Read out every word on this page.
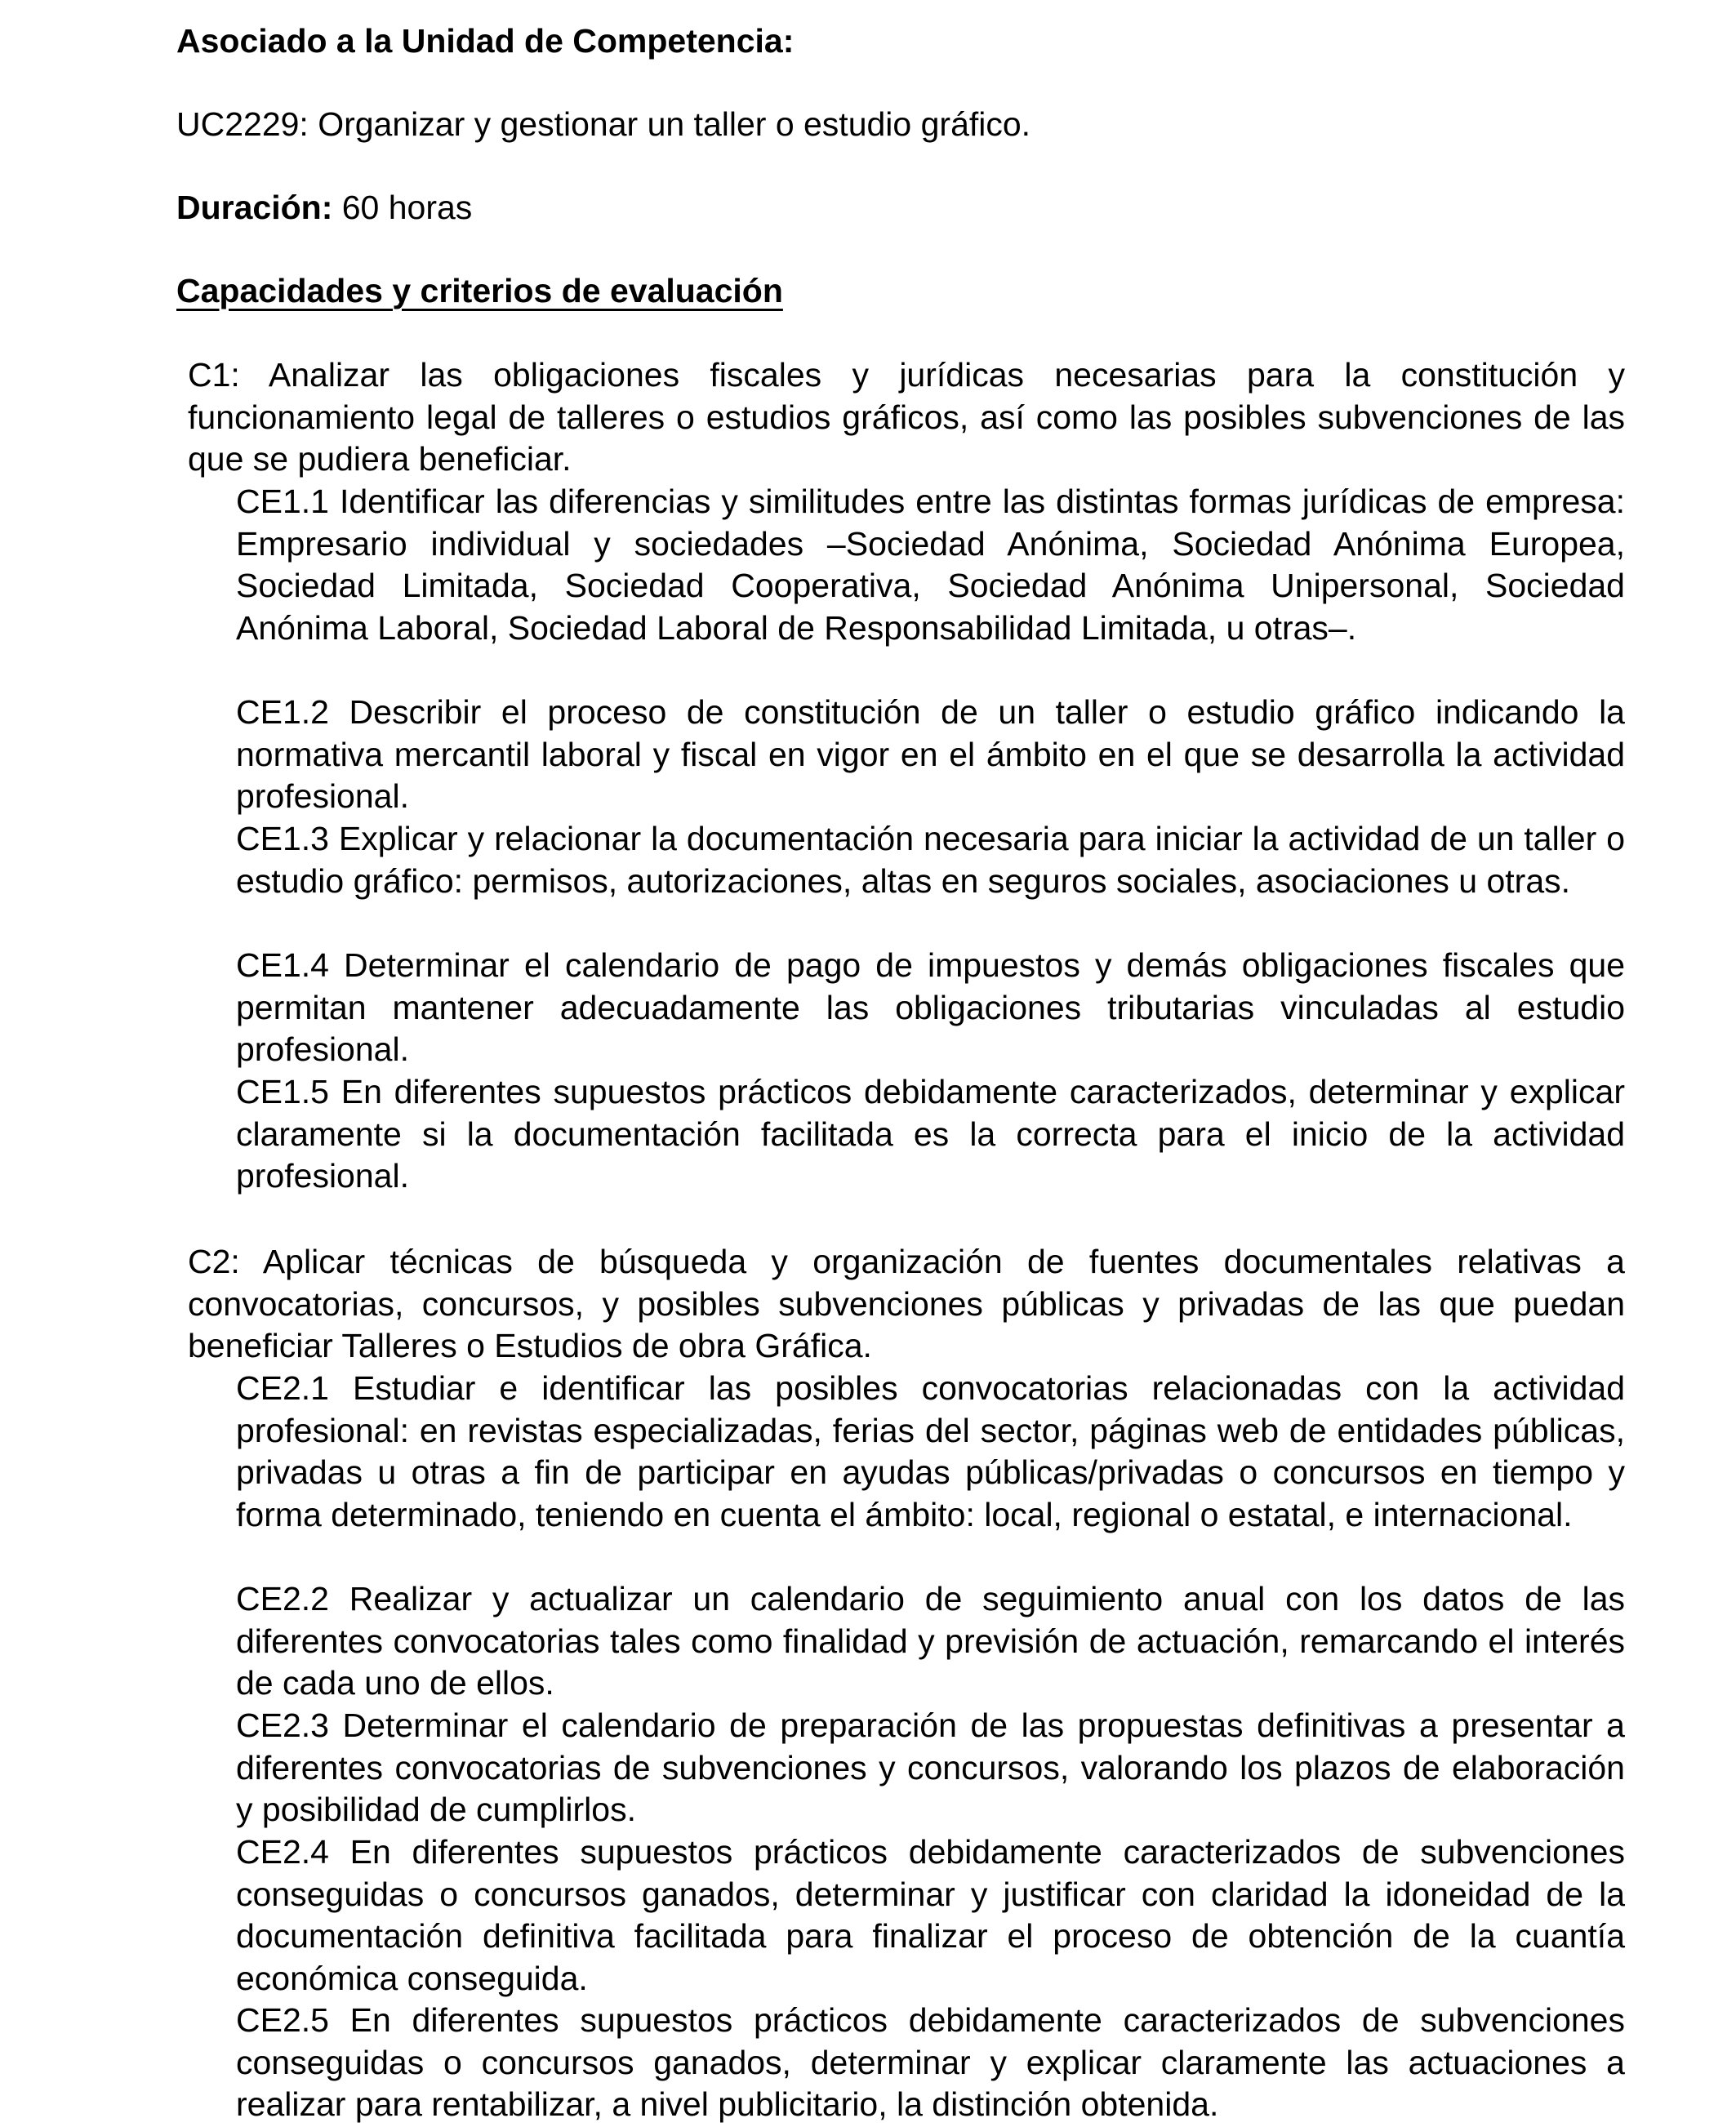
Asociado a la Unidad de Competencia:

UC2229: Organizar y gestionar un taller o estudio gráfico.

Duración: 60 horas

Capacidades y criterios de evaluación

C1: Analizar las obligaciones fiscales y jurídicas necesarias para la constitución y funcionamiento legal de talleres o estudios gráficos, así como las posibles subvenciones de las que se pudiera beneficiar.

CE1.1 Identificar las diferencias y similitudes entre las distintas formas jurídicas de empresa: Empresario individual y sociedades –Sociedad Anónima, Sociedad Anónima Europea, Sociedad Limitada, Sociedad Cooperativa, Sociedad Anónima Unipersonal, Sociedad Anónima Laboral, Sociedad Laboral de Responsabilidad Limitada, u otras–.

CE1.2 Describir el proceso de constitución de un taller o estudio gráfico indicando la normativa mercantil laboral y fiscal en vigor en el ámbito en el que se desarrolla la actividad profesional.

CE1.3 Explicar y relacionar la documentación necesaria para iniciar la actividad de un taller o estudio gráfico: permisos, autorizaciones, altas en seguros sociales, asociaciones u otras.

CE1.4 Determinar el calendario de pago de impuestos y demás obligaciones fiscales que permitan mantener adecuadamente las obligaciones tributarias vinculadas al estudio profesional.

CE1.5 En diferentes supuestos prácticos debidamente caracterizados, determinar y explicar claramente si la documentación facilitada es la correcta para el inicio de la actividad profesional.

C2: Aplicar técnicas de búsqueda y organización de fuentes documentales relativas a convocatorias, concursos, y posibles subvenciones públicas y privadas de las que puedan beneficiar Talleres o Estudios de obra Gráfica.

CE2.1 Estudiar e identificar las posibles convocatorias relacionadas con la actividad profesional: en revistas especializadas, ferias del sector, páginas web de entidades públicas, privadas u otras a fin de participar en ayudas públicas/privadas o concursos en tiempo y forma determinado, teniendo en cuenta el ámbito: local, regional o estatal, e internacional.

CE2.2 Realizar y actualizar un calendario de seguimiento anual con los datos de las diferentes convocatorias tales como finalidad y previsión de actuación, remarcando el interés de cada uno de ellos.

CE2.3 Determinar el calendario de preparación de las propuestas definitivas a presentar a diferentes convocatorias de subvenciones y concursos, valorando los plazos de elaboración y posibilidad de cumplirlos.

CE2.4 En diferentes supuestos prácticos debidamente caracterizados de subvenciones conseguidas o concursos ganados, determinar y justificar con claridad la idoneidad de la documentación definitiva facilitada para finalizar el proceso de obtención de la cuantía económica conseguida.

CE2.5 En diferentes supuestos prácticos debidamente caracterizados de subvenciones conseguidas o concursos ganados, determinar y explicar claramente las actuaciones a realizar para rentabilizar, a nivel publicitario, la distinción obtenida.
